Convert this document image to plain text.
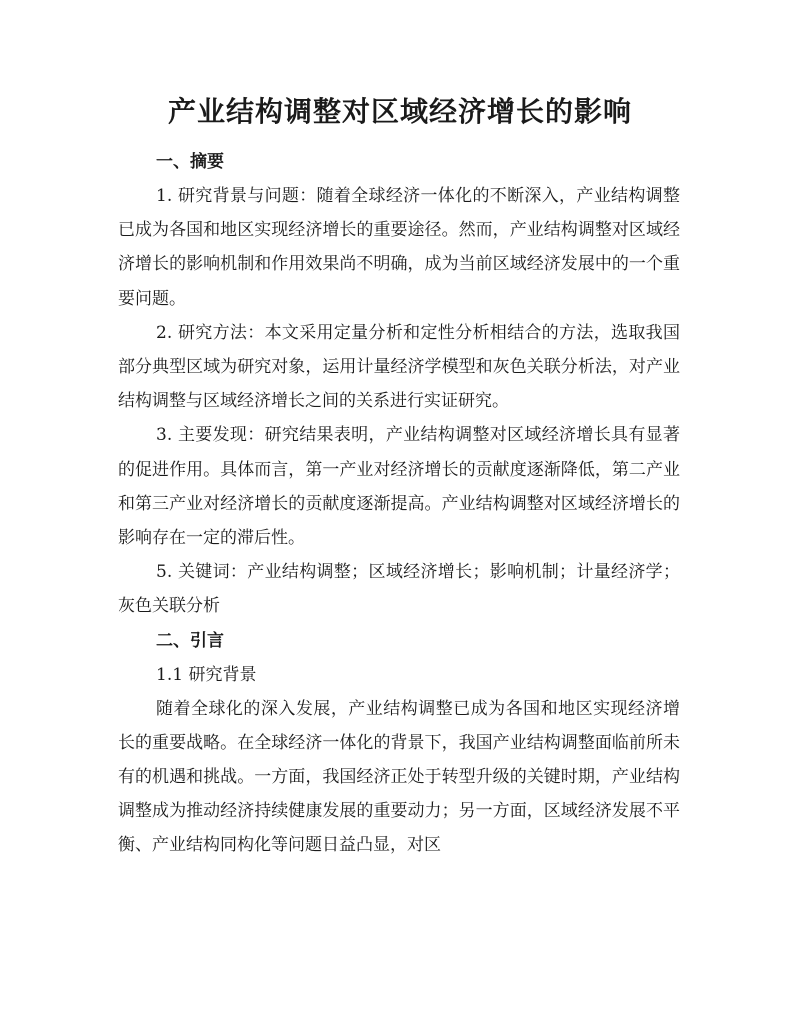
产业结构调整对区域经济增长的影响

一、摘要

1. 研究背景与问题：随着全球经济一体化的不断深入，产业结构调整已成为各国和地区实现经济增长的重要途径。然而，产业结构调整对区域经济增长的影响机制和作用效果尚不明确，成为当前区域经济发展中的一个重要问题。

2. 研究方法：本文采用定量分析和定性分析相结合的方法，选取我国部分典型区域为研究对象，运用计量经济学模型和灰色关联分析法，对产业结构调整与区域经济增长之间的关系进行实证研究。

3. 主要发现：研究结果表明，产业结构调整对区域经济增长具有显著的促进作用。具体而言，第一产业对经济增长的贡献度逐渐降低，第二产业和第三产业对经济增长的贡献度逐渐提高。产业结构调整对区域经济增长的影响存在一定的滞后性。

5. 关键词：产业结构调整；区域经济增长；影响机制；计量经济学；灰色关联分析

二、引言

1.1 研究背景

随着全球化的深入发展，产业结构调整已成为各国和地区实现经济增长的重要战略。在全球经济一体化的背景下，我国产业结构调整面临前所未有的机遇和挑战。一方面，我国经济正处于转型升级的关键时期，产业结构调整成为推动经济持续健康发展的重要动力；另一方面，区域经济发展不平衡、产业结构同构化等问题日益凸显，对区
